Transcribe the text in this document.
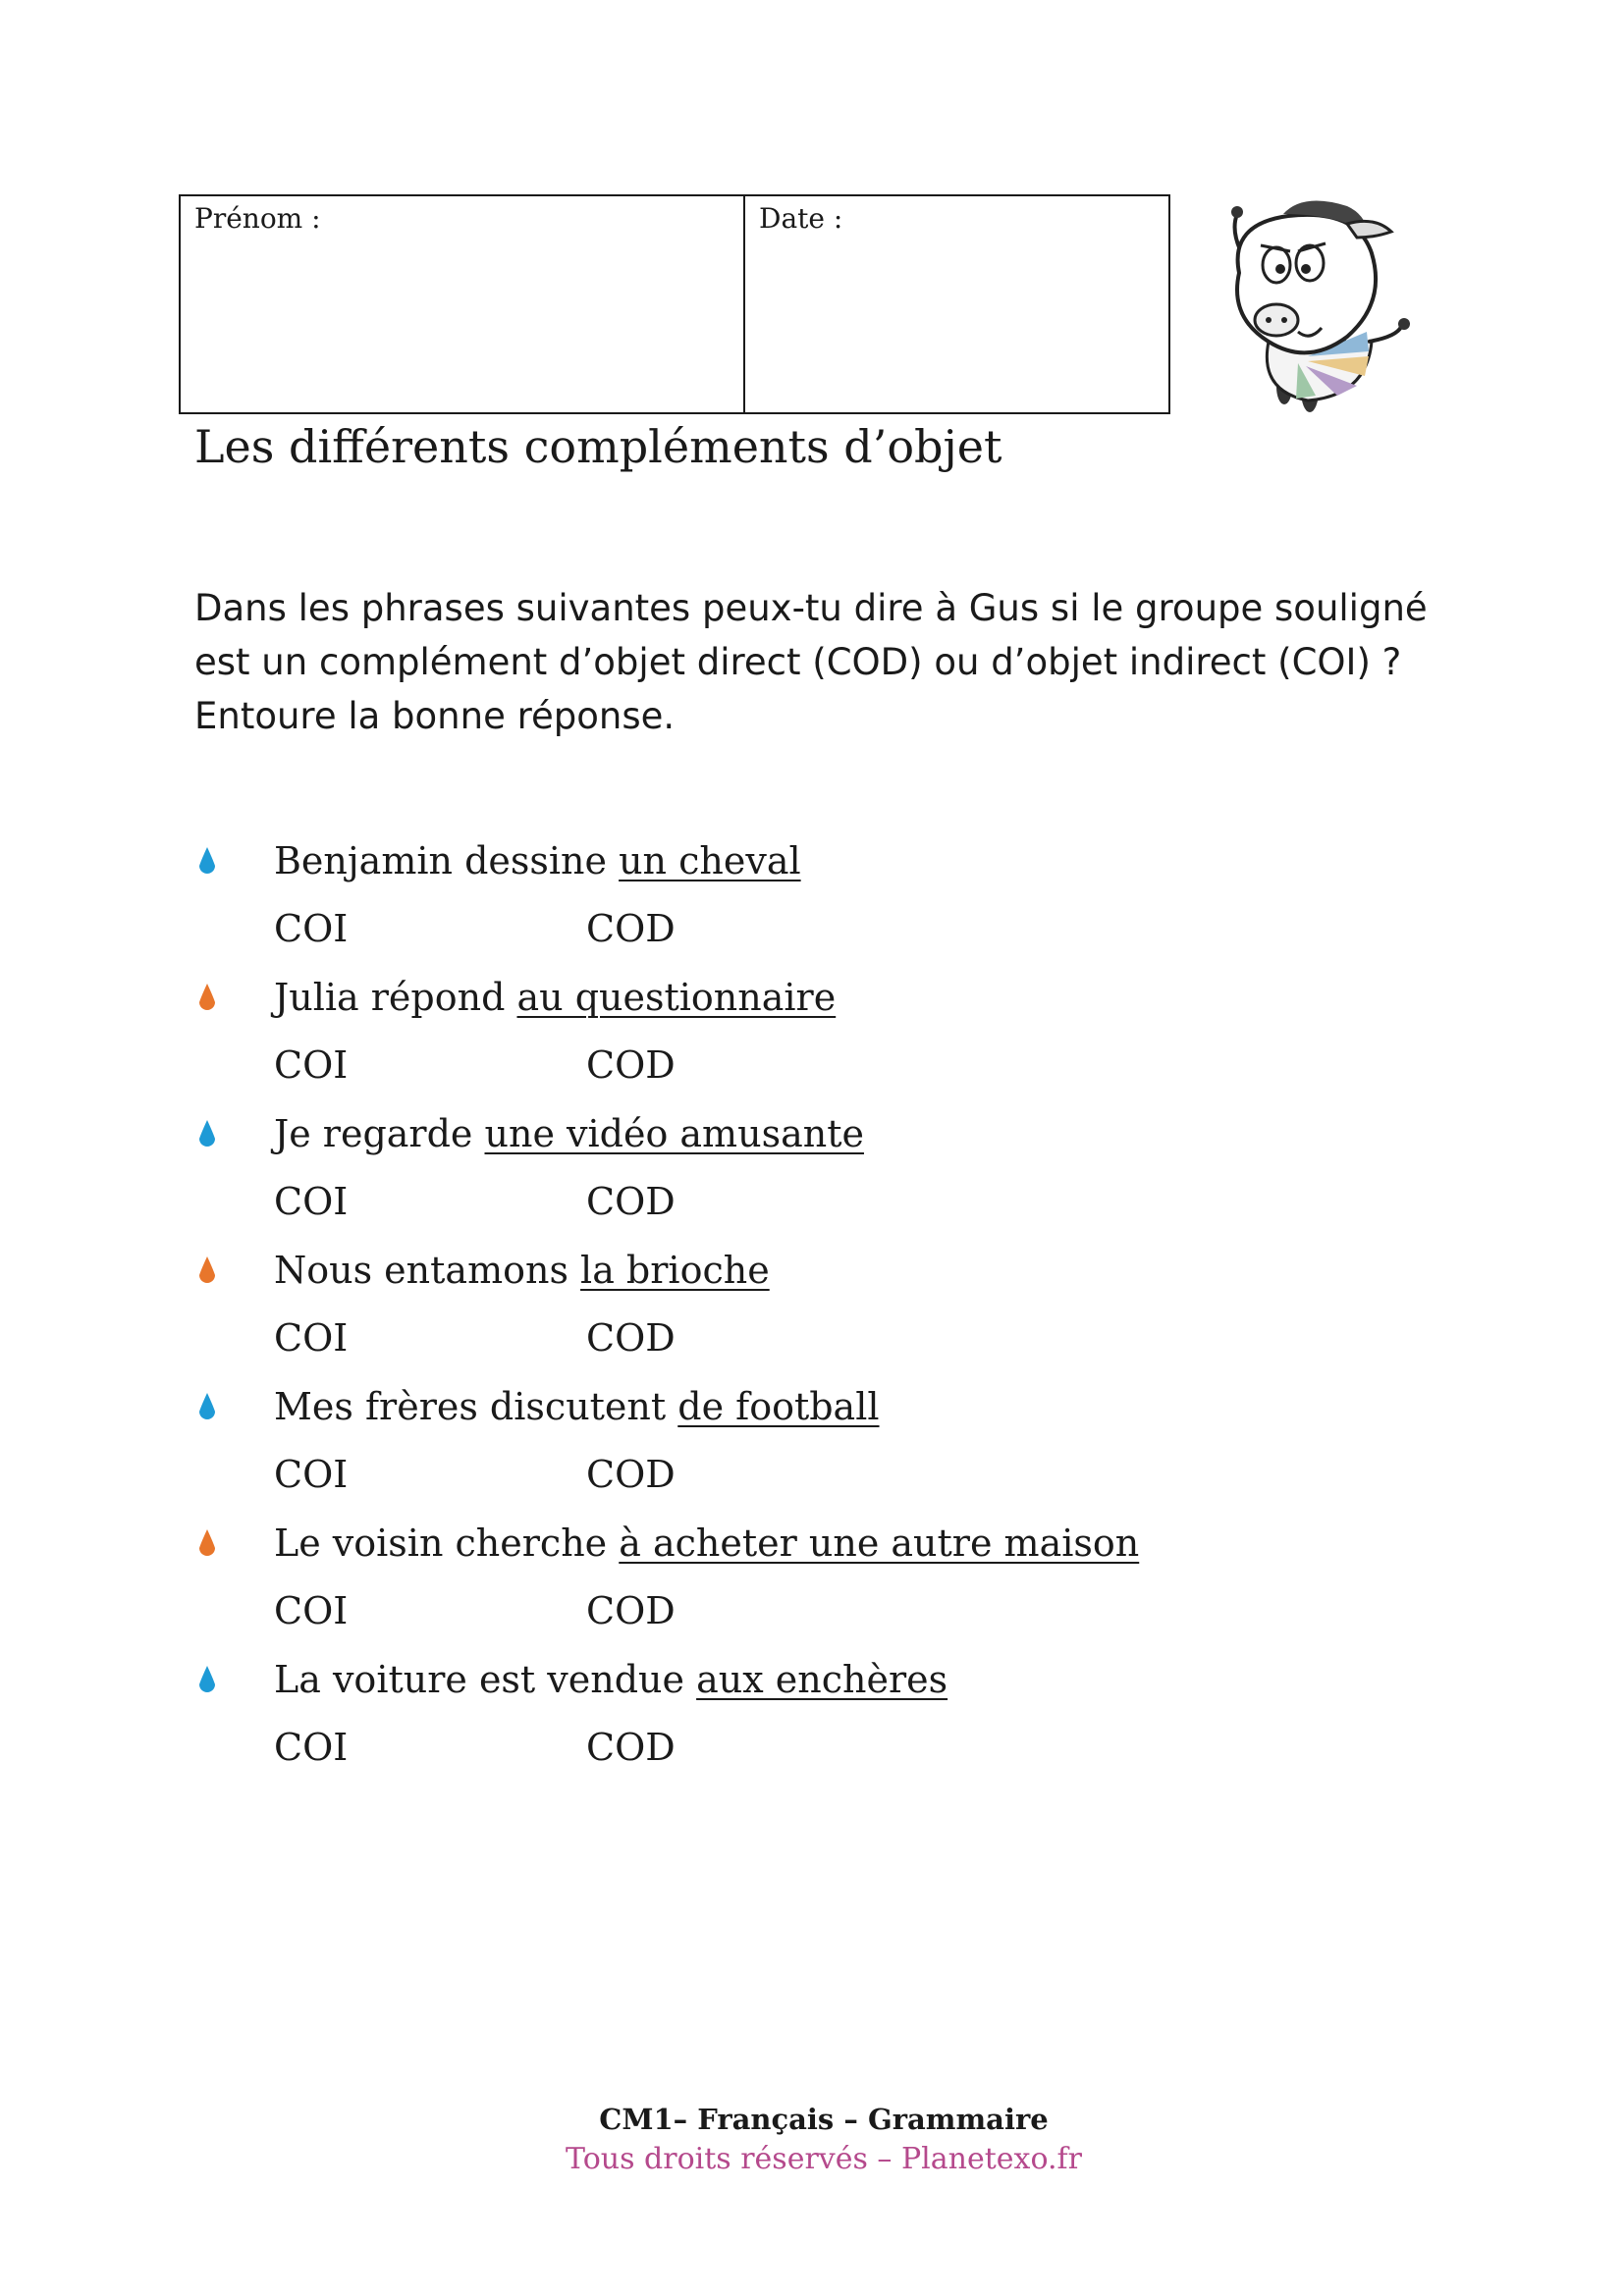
Prénom :	Date :
Les différents compléments d’objet

Dans les phrases suivantes peux-tu dire à Gus si le groupe souligné

est un complément d’objet direct (COD) ou d’objet indirect (COI) ?

Entoure la bonne réponse.

Benjamin dessine un cheval
COI	COD
Julia répond au questionnaire
COI	COD
Je regarde une vidéo amusante
COI	COD
Nous entamons la brioche
COI	COD
Mes frères discutent de football
COI	COD
Le voisin cherche à acheter une autre maison
COI	COD
La voiture est vendue aux enchères
COI	COD
CM1– Français – Grammaire
Tous droits réservés – Planetexo.fr
